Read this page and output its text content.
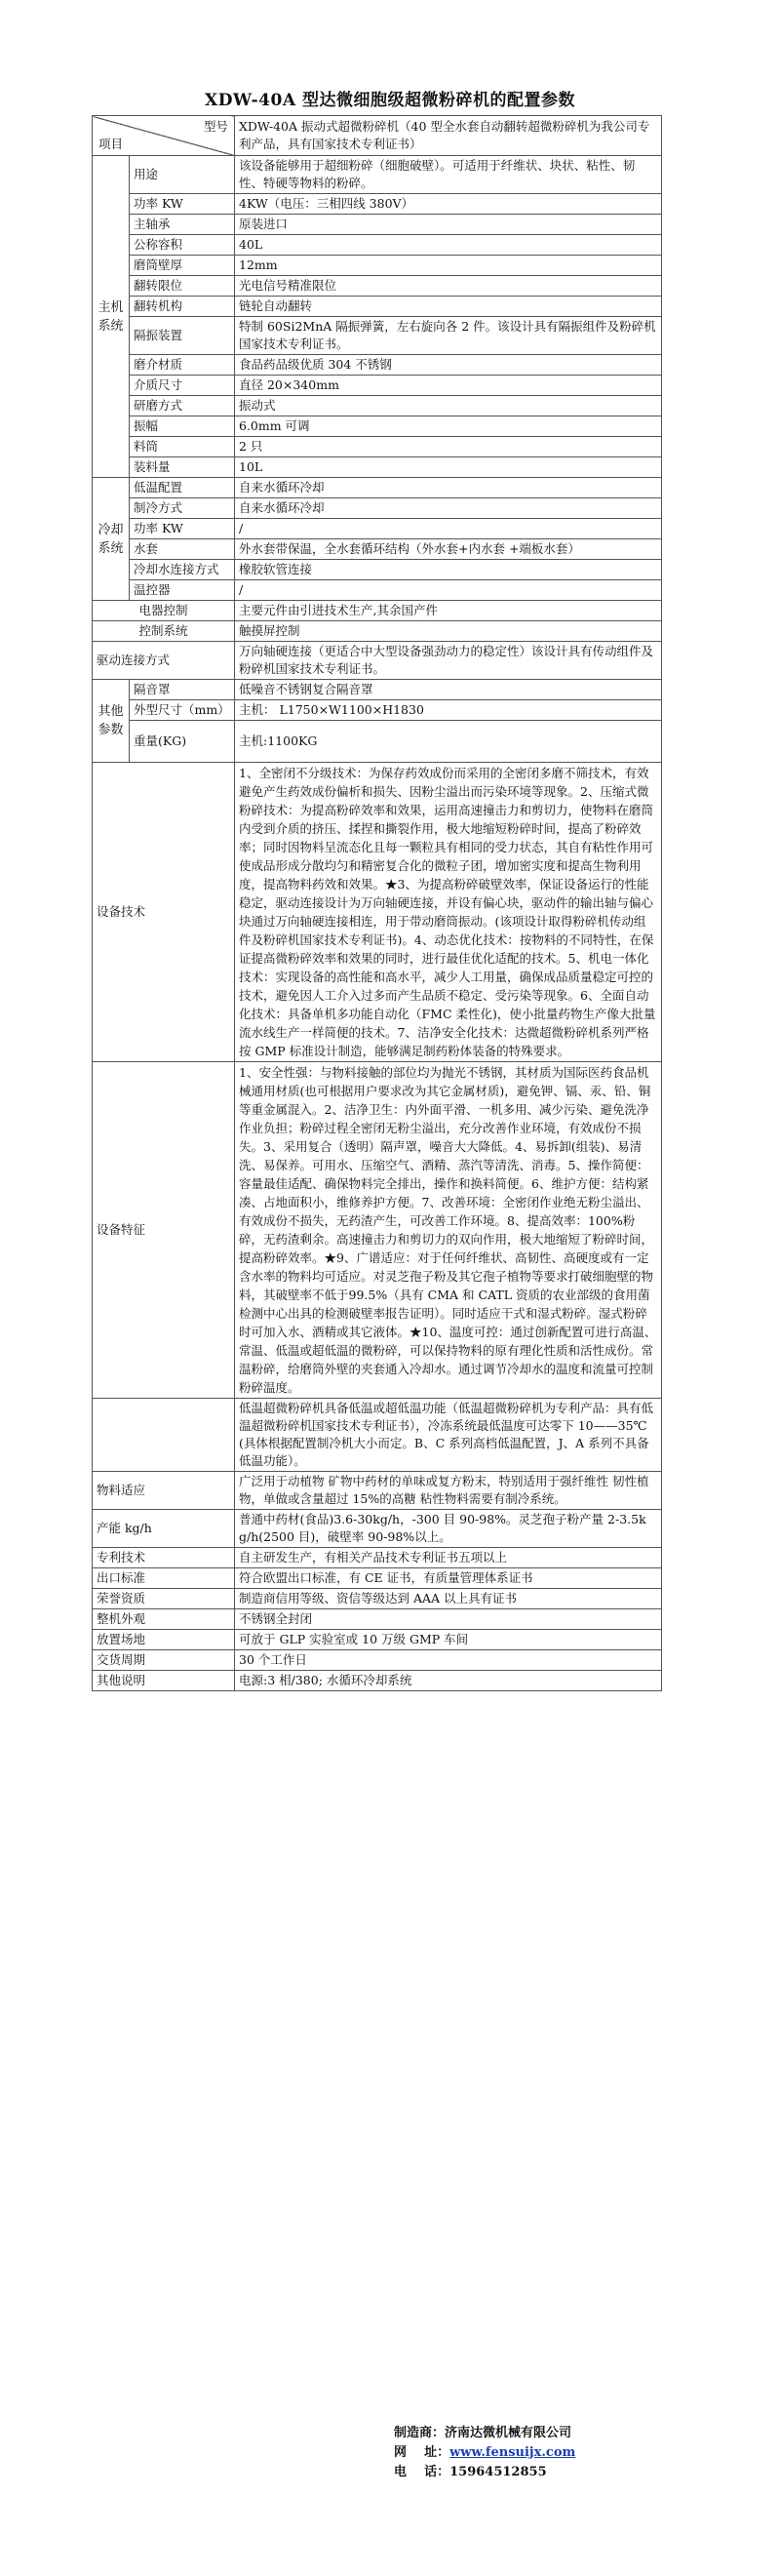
XDW-40A 型达微细胞级超微粉碎机的配置参数
型号
项目		XDW-40A 振动式超微粉碎机（40 型全水套自动翻转超微粉碎机为我公司专利产品，具有国家技术专利证书）
主机系统	用途	该设备能够用于超细粉碎（细胞破壁）。可适用于纤维状、块状、粘性、韧性、特硬等物料的粉碎。
	功率 KW	4KW（电压：三相四线 380V）
	主轴承	原装进口
	公称容积	40L
	磨筒壁厚	12mm
	翻转限位	光电信号精准限位
	翻转机构	链轮自动翻转
	隔振装置	特制 60Si2MnA 隔振弹簧，左右旋向各 2 件。该设计具有隔振组件及粉碎机国家技术专利证书。
	磨介材质	食品药品级优质 304 不锈钢
	介质尺寸	直径 20×340mm
	研磨方式	振动式
	振幅	6.0mm 可调
	料筒	2 只
	装料量	10L
冷却系统	低温配置	自来水循环冷却
	制冷方式	自来水循环冷却
	功率 KW	/
	水套	外水套带保温，全水套循环结构（外水套+内水套 +端板水套）
	冷却水连接方式	橡胶软管连接
	温控器	/
电器控制		主要元件由引进技术生产,其余国产件
控制系统		触摸屏控制
驱动连接方式		万向轴硬连接（更适合中大型设备强劲动力的稳定性）该设计具有传动组件及粉碎机国家技术专利证书。
其他参数	隔音罩	低噪音不锈钢复合隔音罩
	外型尺寸（mm）	主机： L1750×W1100×H1830
	重量(KG)	主机:1100KG
设备技术		1、全密闭不分级技术：为保存药效成份而采用的全密闭多磨不筛技术，有效避免产生药效成份偏析和损失、因粉尘溢出而污染环境等现象。2、压缩式微粉碎技术：为提高粉碎效率和效果，运用高速撞击力和剪切力，使物料在磨筒内受到介质的挤压、揉捏和撕裂作用，极大地缩短粉碎时间，提高了粉碎效率；同时因物料呈流态化且每一颗粒具有相同的受力状态，其自有粘性作用可使成品形成分散均匀和精密复合化的微粒子团，增加密实度和提高生物利用度，提高物料药效和效果。★3、为提高粉碎破壁效率，保证设备运行的性能稳定，驱动连接设计为万向轴硬连接，并设有偏心块，驱动件的输出轴与偏心块通过万向轴硬连接相连，用于带动磨筒振动。(该项设计取得粉碎机传动组件及粉碎机国家技术专利证书)。4、动态优化技术：按物料的不同特性，在保证提高微粉碎效率和效果的同时，进行最佳优化适配的技术。5、机电一体化技术：实现设备的高性能和高水平，减少人工用量，确保成品质量稳定可控的技术，避免因人工介入过多而产生品质不稳定、受污染等现象。6、全面自动化技术：具备单机多功能自动化（FMC 柔性化)，使小批量药物生产像大批量流水线生产一样简便的技术。7、洁净安全化技术：达微超微粉碎机系列严格按 GMP 标准设计制造，能够满足制药粉体装备的特殊要求。
设备特征		1、安全性强：与物料接触的部位均为抛光不锈钢，其材质为国际医药食品机械通用材质(也可根据用户要求改为其它金属材质)，避免钾、镉、汞、铅、铜等重金属混入。2、洁净卫生：内外面平滑、一机多用、减少污染、避免洗净作业负担；粉碎过程全密闭无粉尘溢出，充分改善作业环境，有效成份不损失。3、采用复合（透明）隔声罩，噪音大大降低。4、易拆卸(组装)、易清洗、易保养。可用水、压缩空气、酒精、蒸汽等清洗、消毒。5、操作简便：容量最佳适配、确保物料完全排出，操作和换料简便。6、维护方便：结构紧凑、占地面积小，维修养护方便。7、改善环境：全密闭作业绝无粉尘溢出、有效成份不损失，无药渣产生，可改善工作环境。8、提高效率：100%粉碎，无药渣剩余。高速撞击力和剪切力的双向作用，极大地缩短了粉碎时间，提高粉碎效率。★9、广谱适应：对于任何纤维状、高韧性、高硬度或有一定含水率的物料均可适应。对灵芝孢子粉及其它孢子植物等要求打破细胞壁的物料，其破壁率不低于99.5%（具有 CMA 和 CATL 资质的农业部级的食用菌检测中心出具的检测破壁率报告证明）。同时适应干式和湿式粉碎。湿式粉碎时可加入水、酒精或其它液体。★10、温度可控：通过创新配置可进行高温、常温、低温或超低温的微粉碎，可以保持物料的原有理化性质和活性成份。常温粉碎，给磨筒外壁的夹套通入冷却水。通过调节冷却水的温度和流量可控制粉碎温度。
		低温超微粉碎机具备低温或超低温功能（低温超微粉碎机为专利产品：具有低温超微粉碎机国家技术专利证书），冷冻系统最低温度可达零下 10——35℃(具体根据配置制冷机大小而定。B、C 系列高档低温配置，J、A 系列不具备低温功能）。
物料适应		广泛用于动植物 矿物中药材的单味或复方粉末，特别适用于强纤维性 韧性植物，单做或含量超过 15%的高糖 粘性物料需要有制冷系统。
产能 kg/h		普通中药材(食品)3.6-30kg/h，-300 目 90-98%。灵芝孢子粉产量 2-3.5kg/h(2500 目)，破壁率 90-98%以上。
专利技术		自主研发生产，有相关产品技术专利证书五项以上
出口标准		符合欧盟出口标准，有 CE 证书，有质量管理体系证书
荣誉资质		制造商信用等级、资信等级达到 AAA 以上具有证书
整机外观		不锈钢全封闭
放置场地		可放于 GLP 实验室或 10 万级 GMP 车间
交货周期		30 个工作日
其他说明		电源:3 相/380; 水循环冷却系统
制造商：济南达微机械有限公司
网    址：www.fensuijx.com
电    话：15964512855
